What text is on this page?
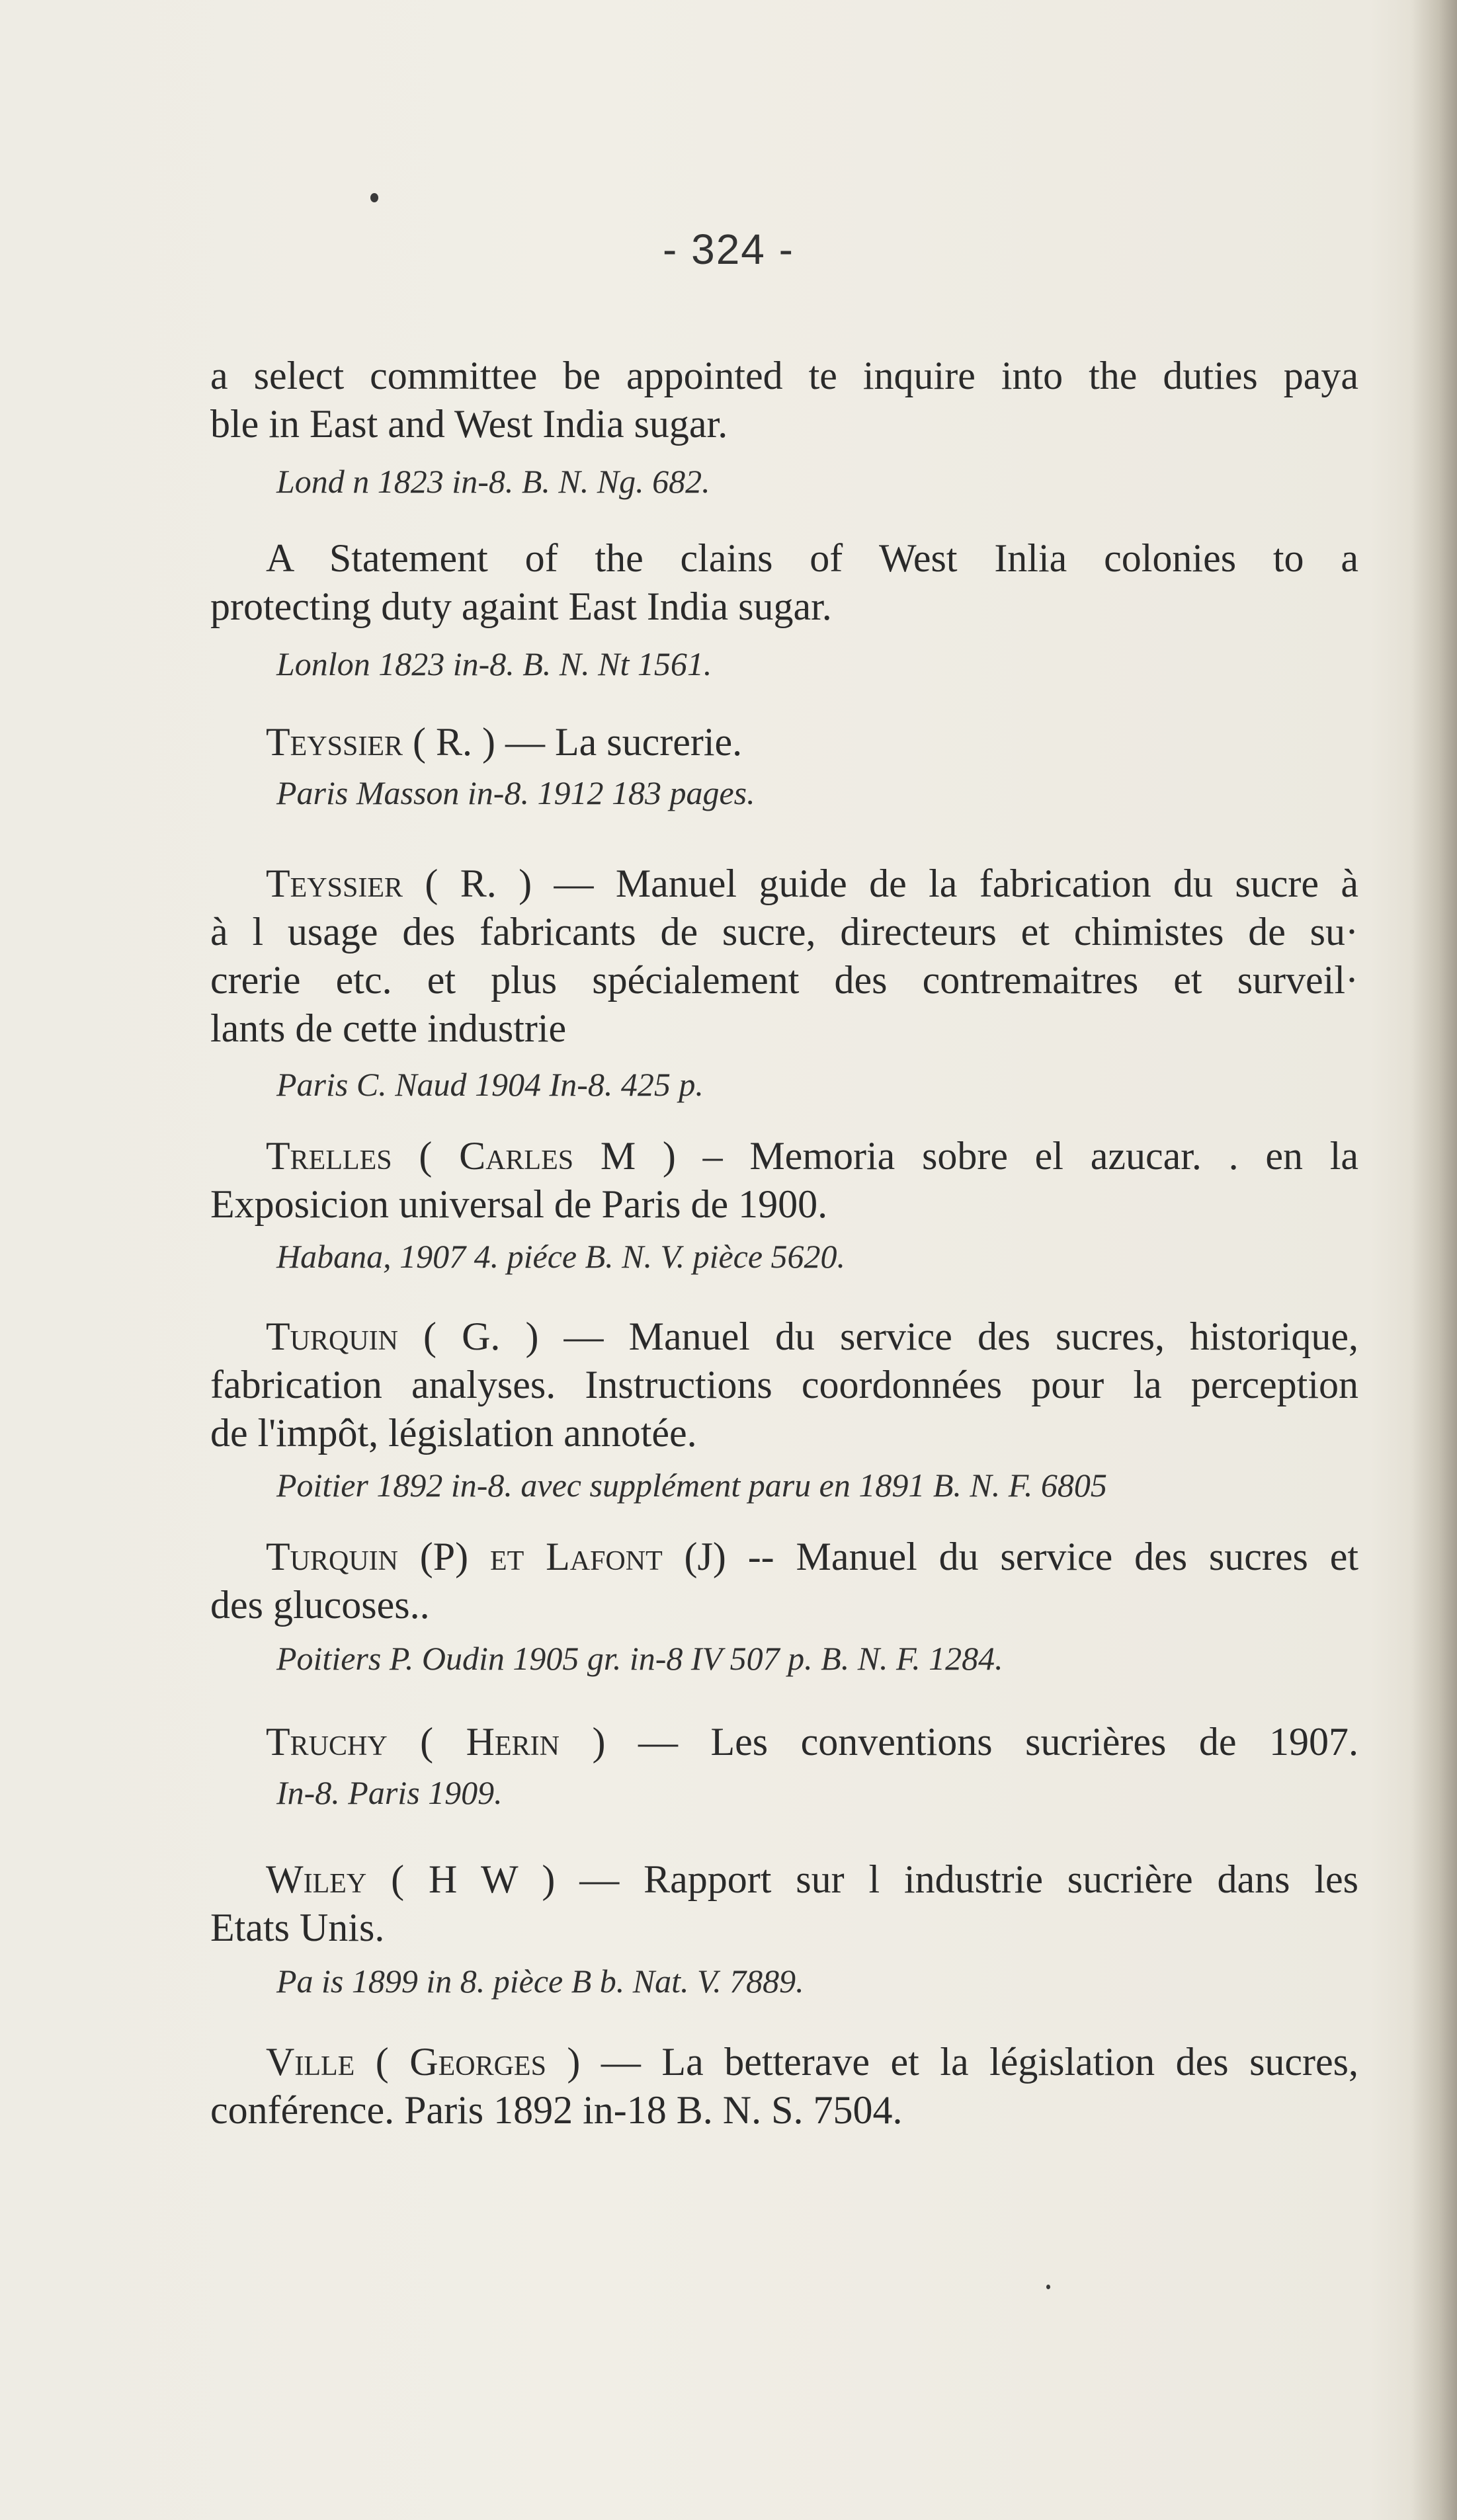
- 324 -
a select committee be appointed te inquire into the duties paya
ble in East and West India sugar.
Lond n 1823 in-8. B. N. Ng. 682.
A Statement of the clains of West Inlia colonies to a
protecting duty againt East India sugar.
Lonlon 1823 in-8. B. N. Nt 1561.
Teyssier ( R. ) — La sucrerie.
Paris Masson in-8. 1912 183 pages.
Teyssier ( R. ) — Manuel guide de la fabrication du sucre à
à l usage des fabricants de sucre, directeurs et chimistes de su·
crerie etc. et plus spécialement des contremaitres et surveil·
lants de cette industrie
Paris C. Naud 1904 In-8. 425 p.
Trelles ( Carles M ) – Memoria sobre el azucar. . en la
Exposicion universal de Paris de 1900.
Habana, 1907 4. piéce B. N. V. pièce 5620.
Turquin ( G. ) — Manuel du service des sucres, historique,
fabrication analyses. Instructions coordonnées pour la perception
de l'impôt, législation annotée.
Poitier 1892 in-8. avec supplément paru en 1891 B. N. F. 6805
Turquin (P) et Lafont (J) -- Manuel du service des sucres et
des glucoses..
Poitiers P. Oudin 1905 gr. in-8 IV 507 p. B. N. F. 1284.
Truchy ( Herin ) — Les conventions sucrières de 1907.
In-8. Paris 1909.
Wiley ( H W ) — Rapport sur l industrie sucrière dans les
Etats Unis.
Pa is 1899 in 8. pièce B b. Nat. V. 7889.
Ville ( Georges ) — La betterave et la législation des sucres,
conférence. Paris 1892 in-18 B. N. S. 7504.
